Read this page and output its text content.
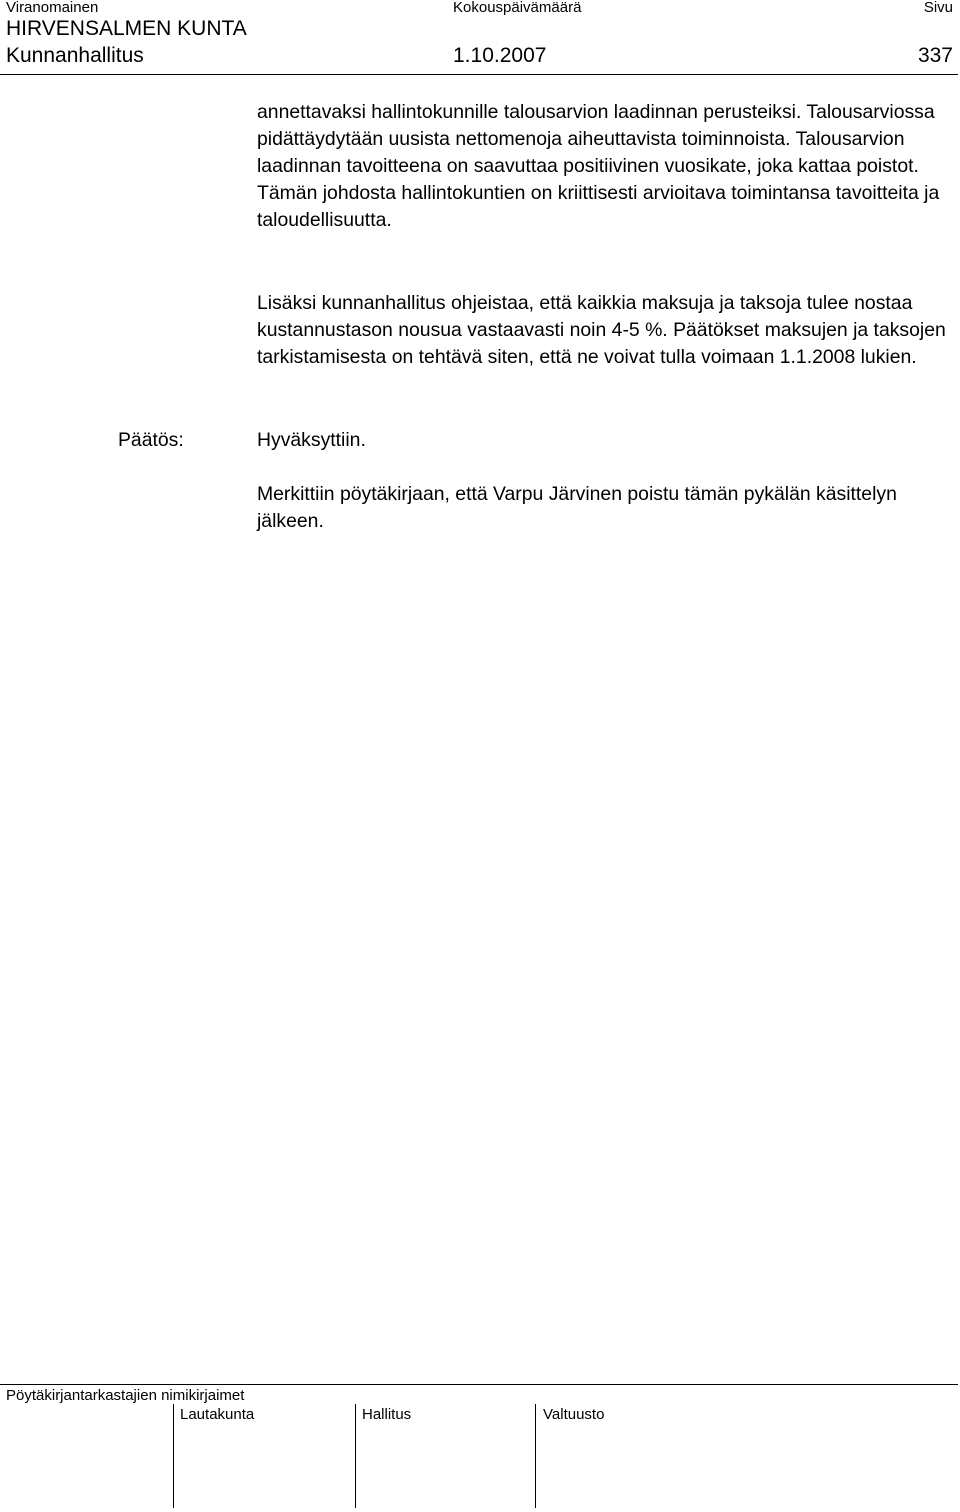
Viranomainen	Kokouspäivämäärä	Sivu
HIRVENSALMEN KUNTA
Kunnanhallitus	1.10.2007	337

annettavaksi hallintokunnille talousarvion laadinnan perusteiksi. Talousarviossa pidättäydytään uusista nettomenoja aiheuttavista toiminnoista. Talousarvion laadinnan tavoitteena on saavuttaa positiivinen vuosikate, joka kattaa poistot. Tämän johdosta hallintokuntien on kriittisesti arvioitava toimintansa tavoitteita ja taloudellisuutta.

Lisäksi kunnanhallitus ohjeistaa, että kaikkia maksuja ja taksoja tulee nostaa kustannustason nousua vastaavasti noin 4-5 %. Päätökset maksujen ja taksojen tarkistamisesta on tehtävä siten, että ne voivat tulla voimaan 1.1.2008 lukien.

Päätös:	Hyväksyttiin.

Merkittiin pöytäkirjaan, että Varpu Järvinen poistu tämän pykälän käsittelyn jälkeen.

Pöytäkirjantarkastajien nimikirjaimet
Lautakunta	Hallitus	Valtuusto
